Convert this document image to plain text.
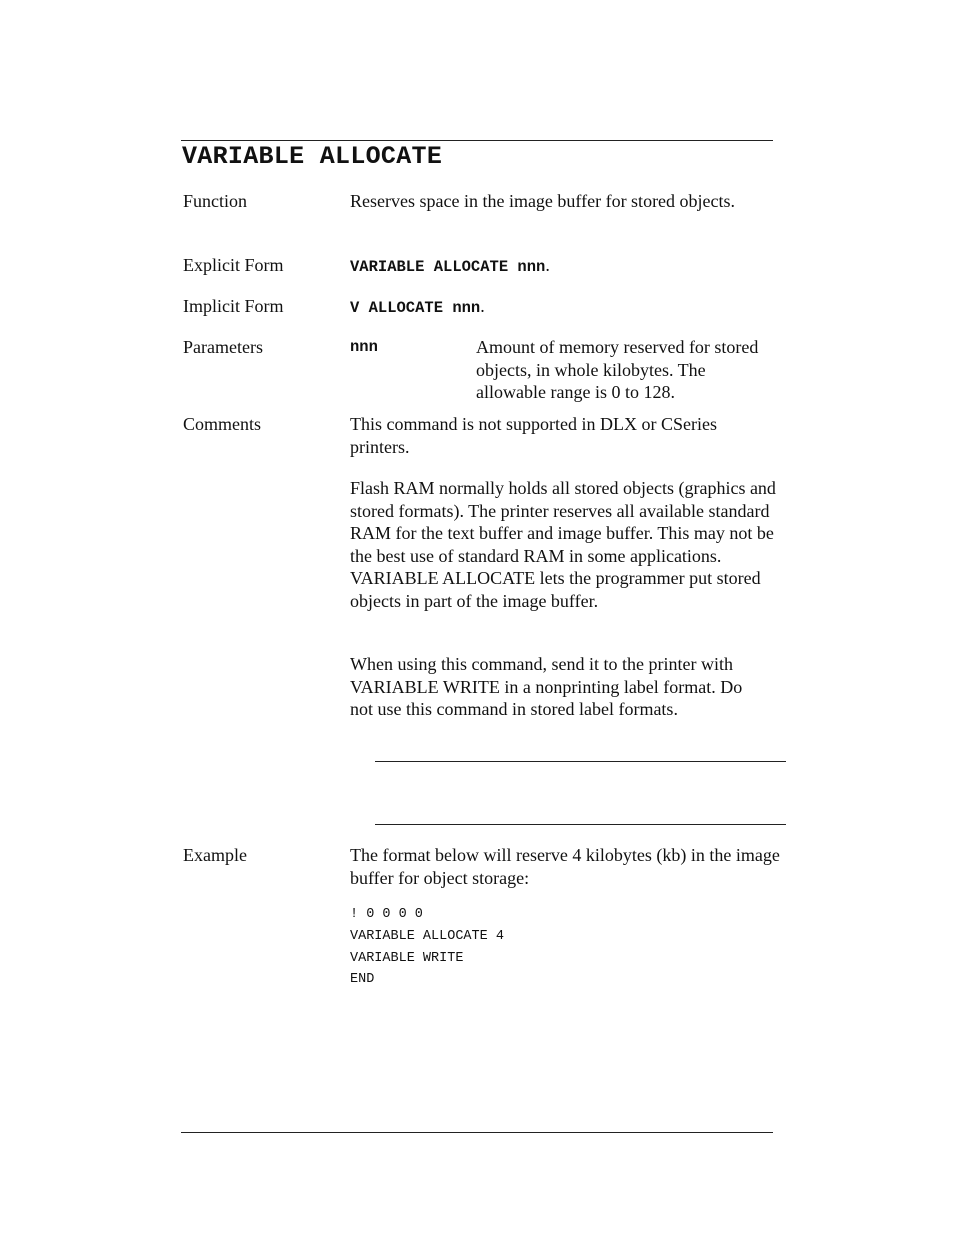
VARIABLE ALLOCATE
Function	Reserves space in the image buffer for stored objects.

Explicit Form	VARIABLE ALLOCATE nnn.
Implicit Form	V ALLOCATE nnn.
Parameters	nnn	Amount of memory reserved for stored objects, in whole kilobytes. The allowable range is 0 to 128.

Comments	This command is not supported in DLX or CSeries printers.

Flash RAM normally holds all stored objects (graphics and stored formats). The printer reserves all available standard RAM for the text buffer and image buffer. This may not be the best use of standard RAM in some applications. VARIABLE ALLOCATE lets the programmer put stored objects in part of the image buffer.

When using this command, send it to the printer with VARIABLE WRITE in a nonprinting label format. Do not use this command in stored label formats.

Example	The format below will reserve 4 kilobytes (kb) in the image buffer for object storage:

! 0 0 0 0
VARIABLE ALLOCATE 4
VARIABLE WRITE
END
